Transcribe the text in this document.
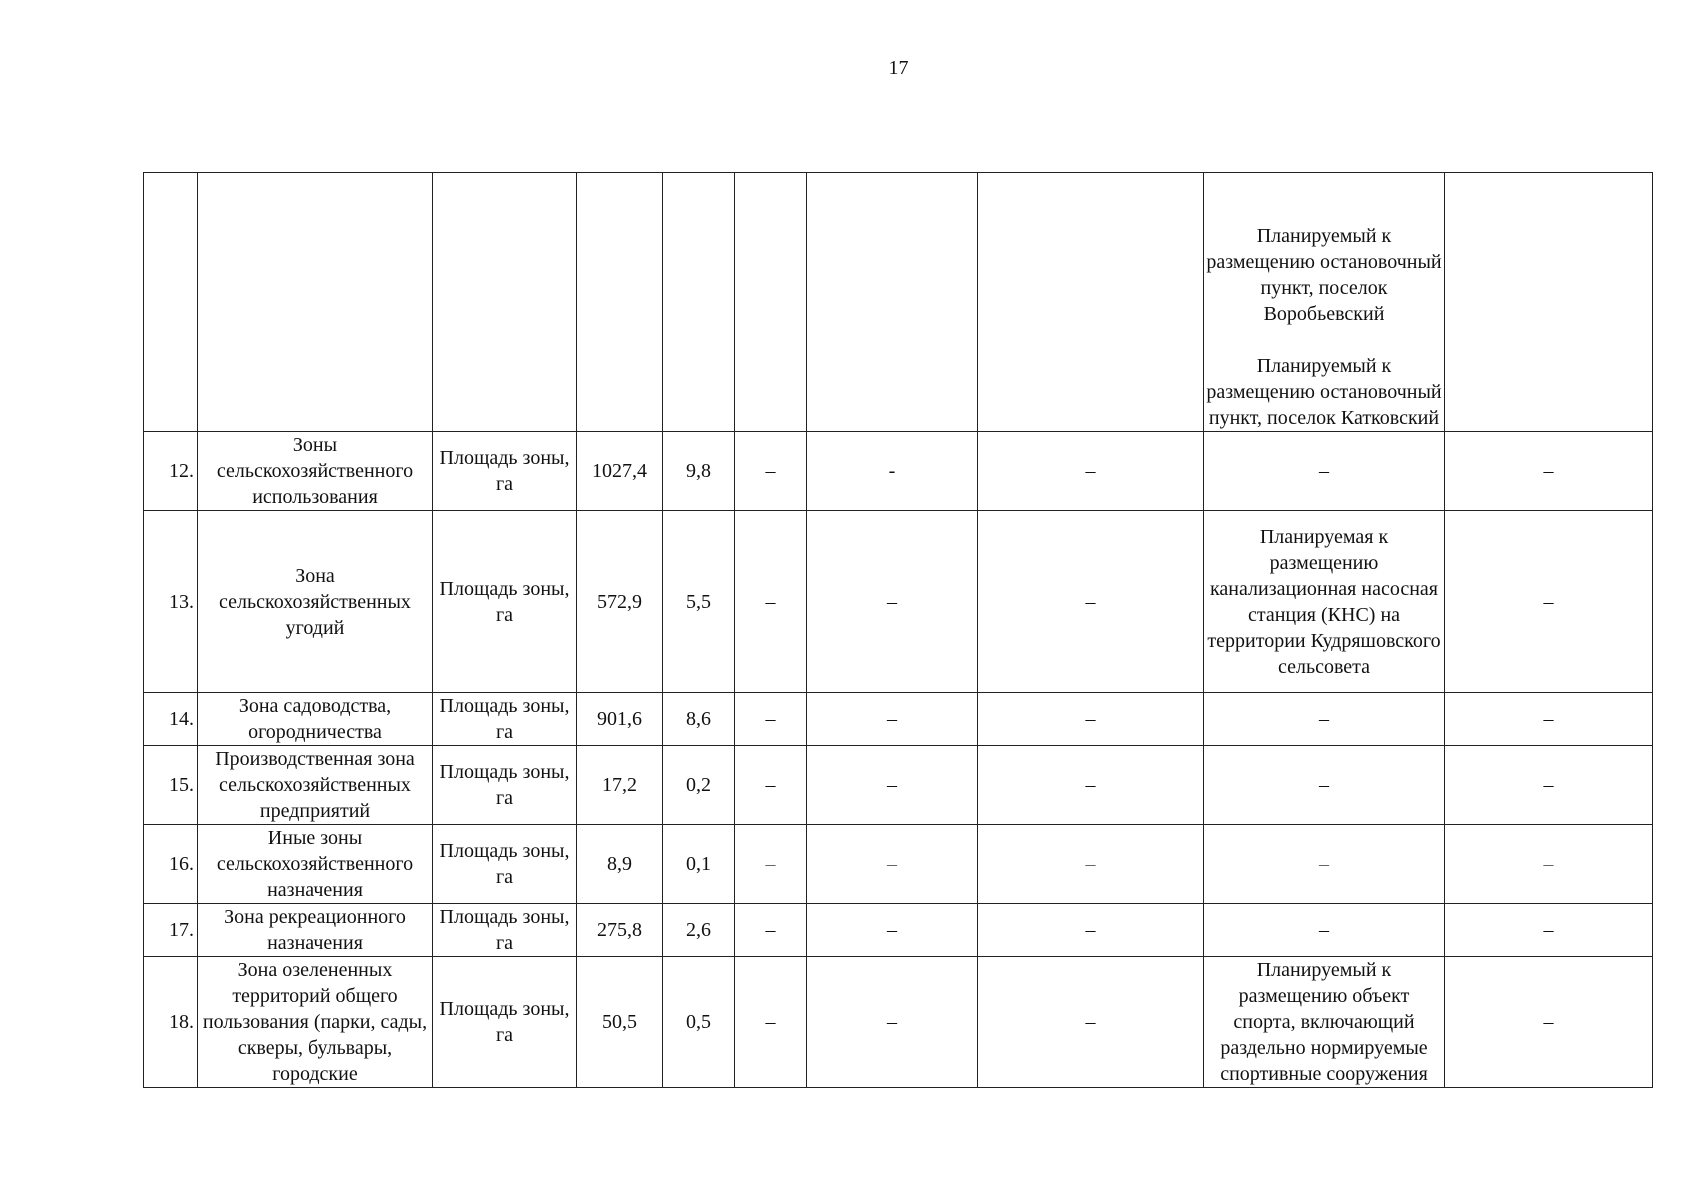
17

								Планируемый к размещению остановочный пункт, поселок Воробьевский
Планируемый к размещению остановочный пункт, поселок Катковский	

12.	Зоны сельскохозяйственного использования	Площадь зоны, га	1027,4	9,8	–	-	–	–	–
13.	Зона сельскохозяйственных угодий	Площадь зоны, га	572,9	5,5	–	–	–	Планируемая к размещению канализационная насосная станция (КНС) на территории Кудряшовского сельсовета	–
14.	Зона садоводства, огородничества	Площадь зоны, га	901,6	8,6	–	–	–	–	–
15.	Производственная зона сельскохозяйственных предприятий	Площадь зоны, га	17,2	0,2	–	–	–	–	–
16.	Иные зоны сельскохозяйственного назначения	Площадь зоны, га	8,9	0,1	–	–	–	–	–
17.	Зона рекреационного назначения	Площадь зоны, га	275,8	2,6	–	–	–	–	–
18.	Зона озелененных территорий общего пользования (парки, сады, скверы, бульвары, городские	Площадь зоны, га	50,5	0,5	–	–	–	Планируемый к размещению объект спорта, включающий раздельно нормируемые спортивные сооружения	–
